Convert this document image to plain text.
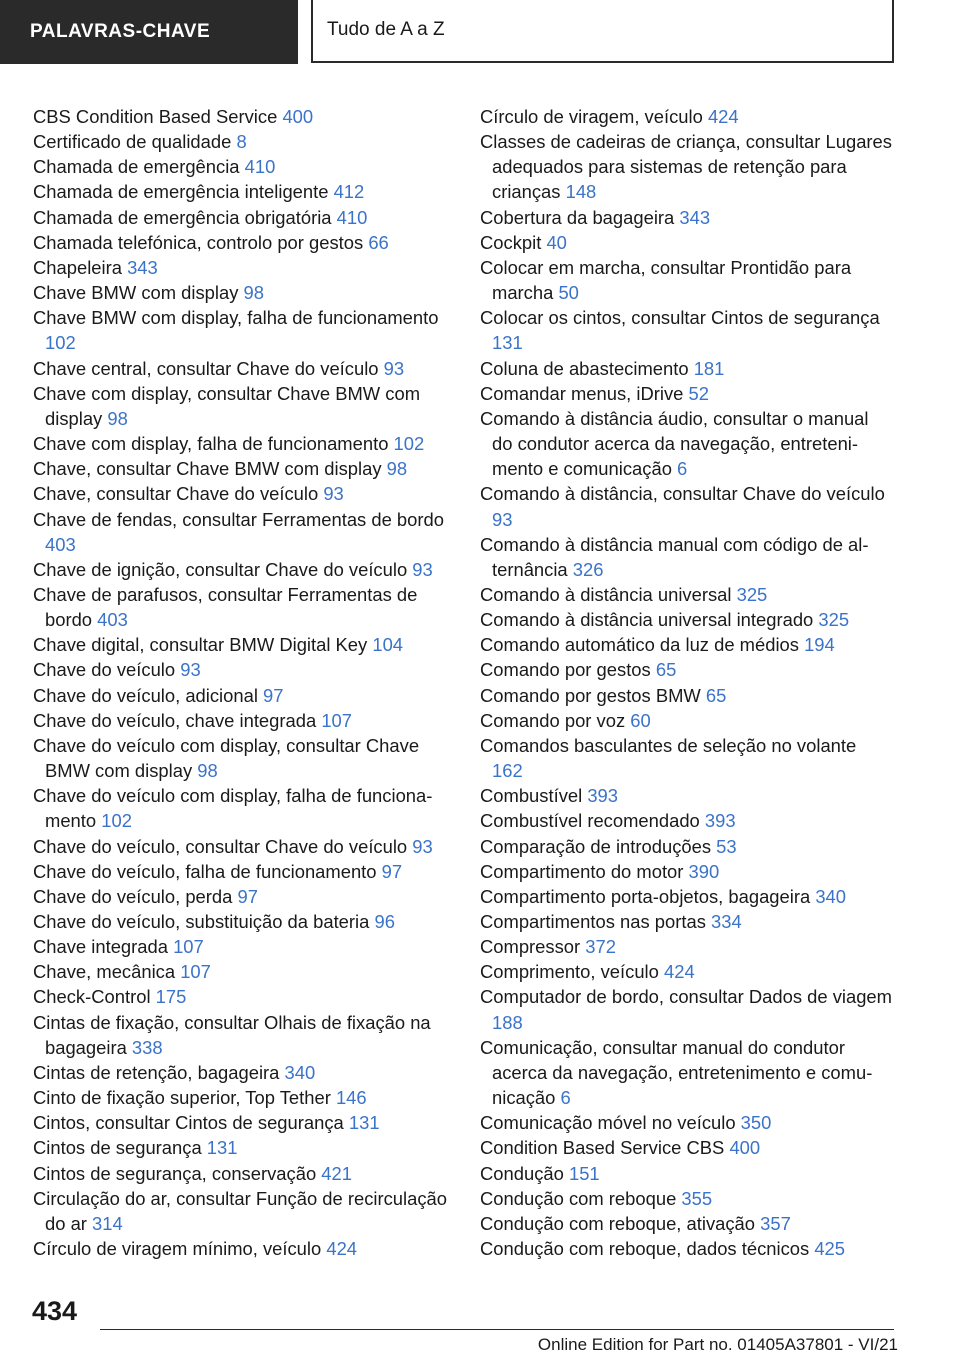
PALAVRAS-CHAVE	Tudo de A a Z

CBS Condition Based Service 400

Certificado de qualidade 8

Chamada de emergência 410

Chamada de emergência inteligente 412

Chamada de emergência obrigatória 410

Chamada telefónica, controlo por gestos 66

Chapeleira 343

Chave BMW com display 98

Chave BMW com display, falha de funcionamento 102

Chave central, consultar Chave do veículo 93

Chave com display, consultar Chave BMW com display 98

Chave com display, falha de funcionamento 102

Chave, consultar Chave BMW com display 98

Chave, consultar Chave do veículo 93

Chave de fendas, consultar Ferramentas de bordo 403

Chave de ignição, consultar Chave do veículo 93

Chave de parafusos, consultar Ferramentas de bordo 403

Chave digital, consultar BMW Digital Key 104

Chave do veículo 93

Chave do veículo, adicional 97

Chave do veículo, chave integrada 107

Chave do veículo com display, consultar Chave BMW com display 98

Chave do veículo com display, falha de funcionamento 102

Chave do veículo, consultar Chave do veículo 93

Chave do veículo, falha de funcionamento 97

Chave do veículo, perda 97

Chave do veículo, substituição da bateria 96

Chave integrada 107

Chave, mecânica 107

Check-Control 175

Cintas de fixação, consultar Olhais de fixação na bagageira 338

Cintas de retenção, bagageira 340

Cinto de fixação superior, Top Tether 146

Cintos, consultar Cintos de segurança 131

Cintos de segurança 131

Cintos de segurança, conservação 421

Circulação do ar, consultar Função de recirculação do ar 314

Círculo de viragem mínimo, veículo 424

Círculo de viragem, veículo 424

Classes de cadeiras de criança, consultar Lugares adequados para sistemas de retenção para crianças 148

Cobertura da bagageira 343

Cockpit 40

Colocar em marcha, consultar Prontidão para marcha 50

Colocar os cintos, consultar Cintos de segurança 131

Coluna de abastecimento 181

Comandar menus, iDrive 52

Comando à distância áudio, consultar o manual do condutor acerca da navegação, entretenimento e comunicação 6

Comando à distância, consultar Chave do veículo 93

Comando à distância manual com código de alternância 326

Comando à distância universal 325

Comando à distância universal integrado 325

Comando automático da luz de médios 194

Comando por gestos 65

Comando por gestos BMW 65

Comando por voz 60

Comandos basculantes de seleção no volante 162

Combustível 393

Combustível recomendado 393

Comparação de introduções 53

Compartimento do motor 390

Compartimento porta-objetos, bagageira 340

Compartimentos nas portas 334

Compressor 372

Comprimento, veículo 424

Computador de bordo, consultar Dados de viagem 188

Comunicação, consultar manual do condutor acerca da navegação, entretenimento e comunicação 6

Comunicação móvel no veículo 350

Condition Based Service CBS 400

Condução 151

Condução com reboque 355

Condução com reboque, ativação 357

Condução com reboque, dados técnicos 425

434
Online Edition for Part no. 01405A37801 - VI/21
